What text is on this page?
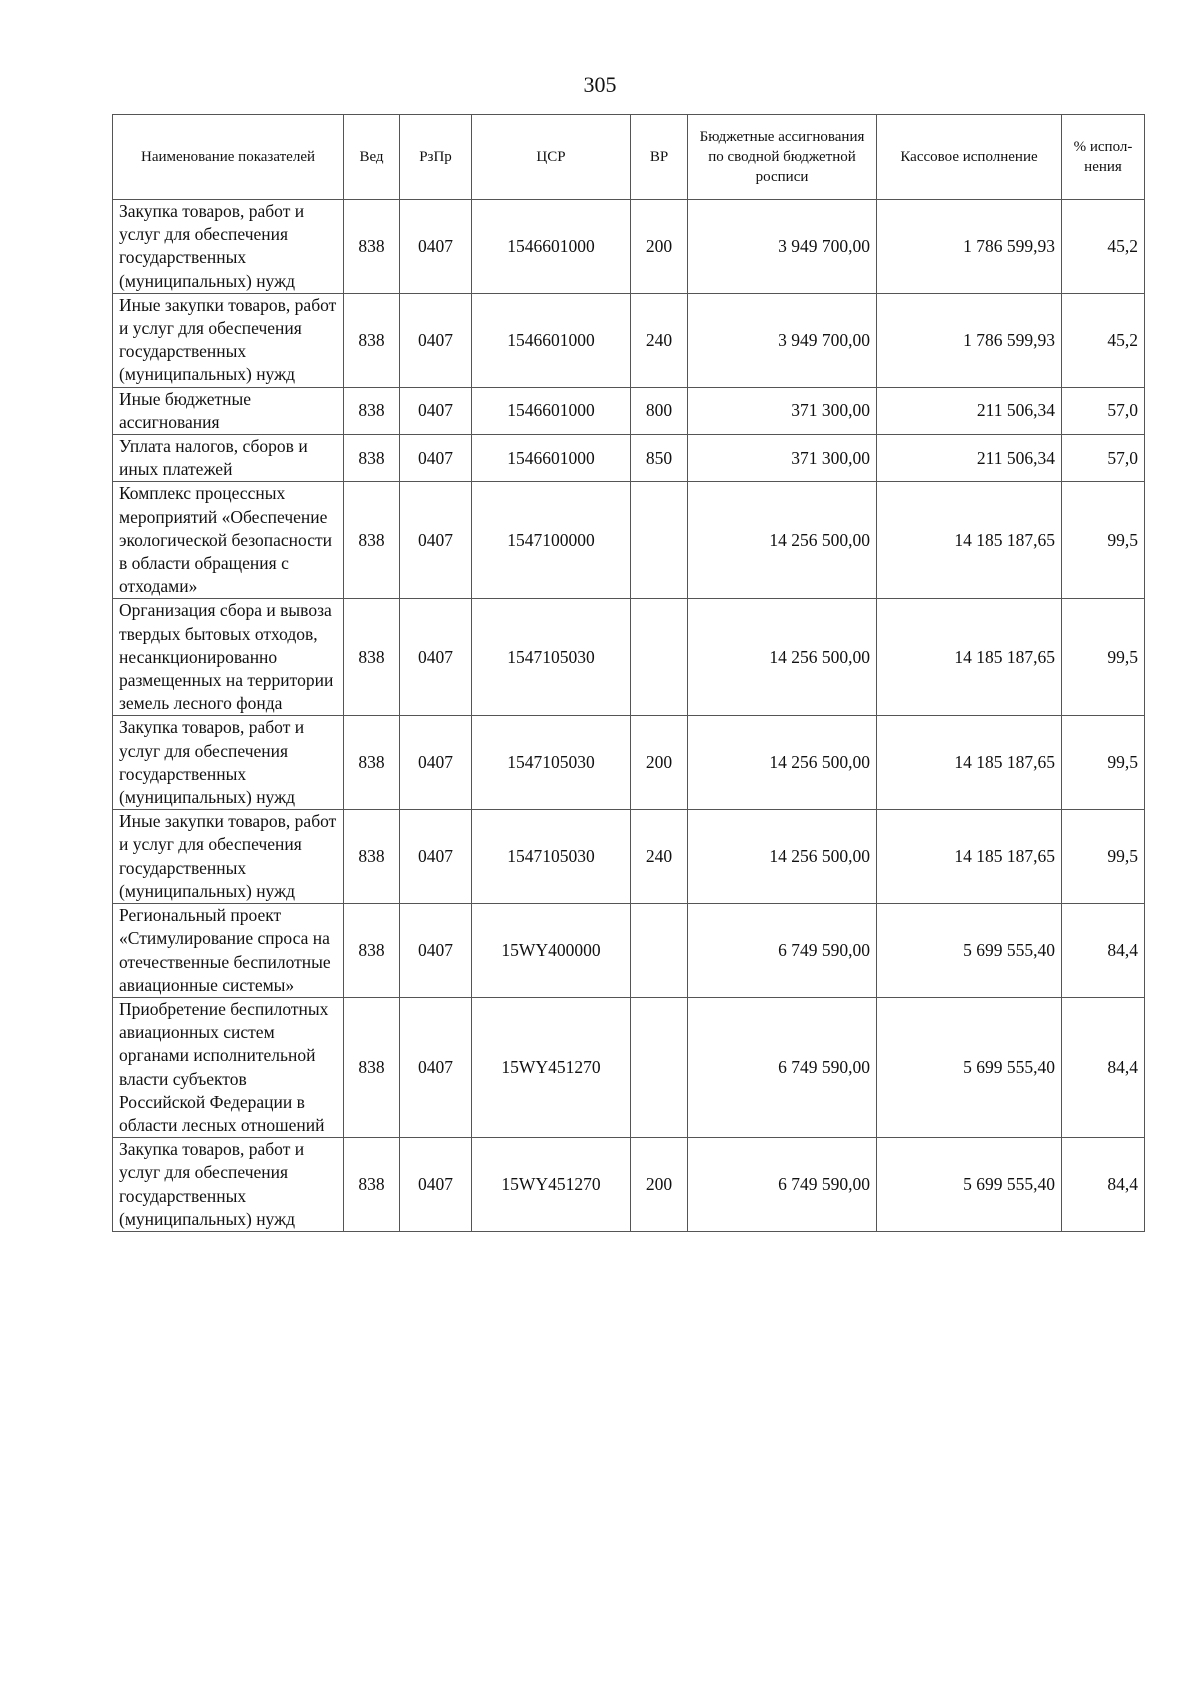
305
Наименование показателей	Вед	РзПр	ЦСР	ВР	Бюджетные ассигнования по сводной бюджетной росписи	Кассовое исполнение	% испол-нения
Закупка товаров, работ и услуг для обеспечения государственных (муниципальных) нужд	838	0407	1546601000	200	3 949 700,00	1 786 599,93	45,2
Иные закупки товаров, работ и услуг для обеспечения государственных (муниципальных) нужд	838	0407	1546601000	240	3 949 700,00	1 786 599,93	45,2
Иные бюджетные ассигнования	838	0407	1546601000	800	371 300,00	211 506,34	57,0
Уплата налогов, сборов и иных платежей	838	0407	1546601000	850	371 300,00	211 506,34	57,0
Комплекс процессных мероприятий «Обеспечение экологической безопасности в области обращения с отходами»	838	0407	1547100000		14 256 500,00	14 185 187,65	99,5
Организация сбора и вывоза твердых бытовых отходов, несанкционированно размещенных на территории земель лесного фонда	838	0407	1547105030		14 256 500,00	14 185 187,65	99,5
Закупка товаров, работ и услуг для обеспечения государственных (муниципальных) нужд	838	0407	1547105030	200	14 256 500,00	14 185 187,65	99,5
Иные закупки товаров, работ и услуг для обеспечения государственных (муниципальных) нужд	838	0407	1547105030	240	14 256 500,00	14 185 187,65	99,5
Региональный проект «Стимулирование спроса на отечественные беспилотные авиационные системы»	838	0407	15WY400000		6 749 590,00	5 699 555,40	84,4
Приобретение беспилотных авиационных систем органами исполнительной власти субъектов Российской Федерации в области лесных отношений	838	0407	15WY451270		6 749 590,00	5 699 555,40	84,4
Закупка товаров, работ и услуг для обеспечения государственных (муниципальных) нужд	838	0407	15WY451270	200	6 749 590,00	5 699 555,40	84,4
